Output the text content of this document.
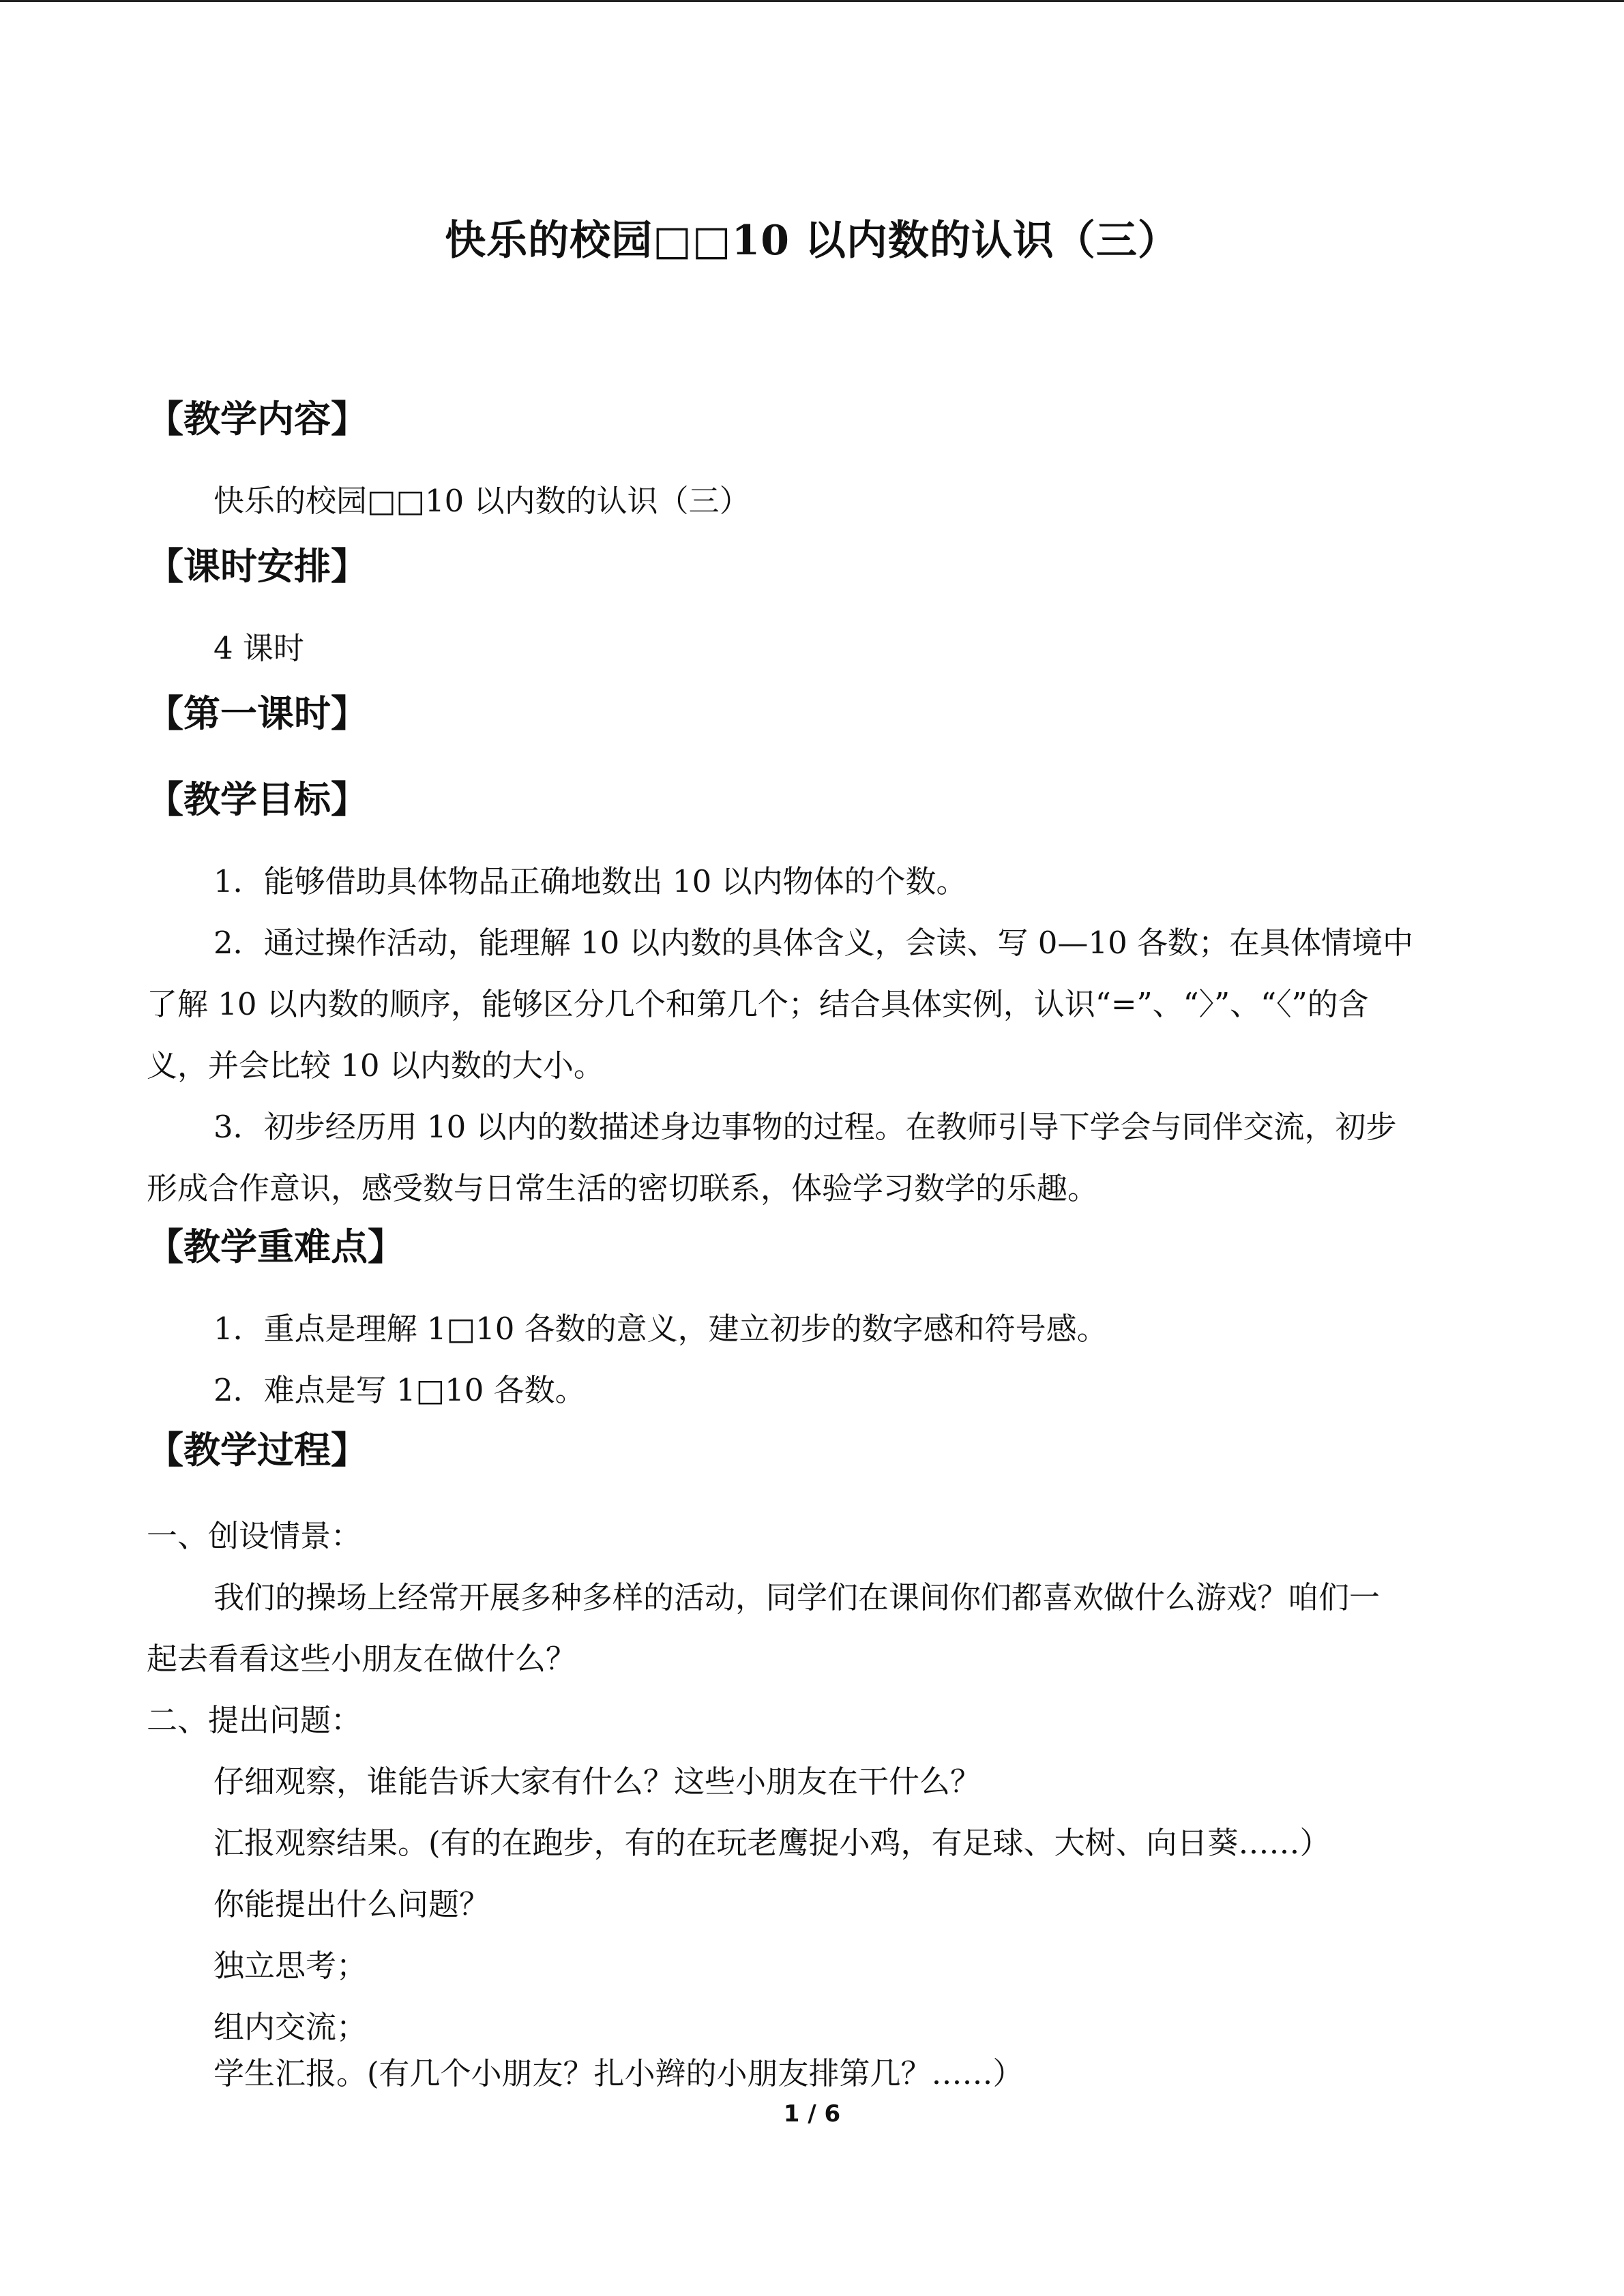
快乐的校园□□10 以内数的认识（三）
【教学内容】
快乐的校园□□10 以内数的认识（三）
【课时安排】
4 课时
【第一课时】
【教学目标】
1．能够借助具体物品正确地数出 10 以内物体的个数。
2．通过操作活动，能理解 10 以内数的具体含义，会读、写 0—10 各数；在具体情境中
了解 10 以内数的顺序，能够区分几个和第几个；结合具体实例，认识“=”、“〉”、“〈”的含
义，并会比较 10 以内数的大小。
3．初步经历用 10 以内的数描述身边事物的过程。在教师引导下学会与同伴交流，初步
形成合作意识，感受数与日常生活的密切联系，体验学习数学的乐趣。
【教学重难点】
1．重点是理解 1□10 各数的意义，建立初步的数字感和符号感。
2．难点是写 1□10 各数。
【教学过程】
一、创设情景：
我们的操场上经常开展多种多样的活动，同学们在课间你们都喜欢做什么游戏？咱们一
起去看看这些小朋友在做什么？
二、提出问题：
仔细观察，谁能告诉大家有什么？这些小朋友在干什么？
汇报观察结果。(有的在跑步，有的在玩老鹰捉小鸡，有足球、大树、向日葵……）
你能提出什么问题？
独立思考；
组内交流；
学生汇报。(有几个小朋友？扎小辫的小朋友排第几？……）
1 / 6
